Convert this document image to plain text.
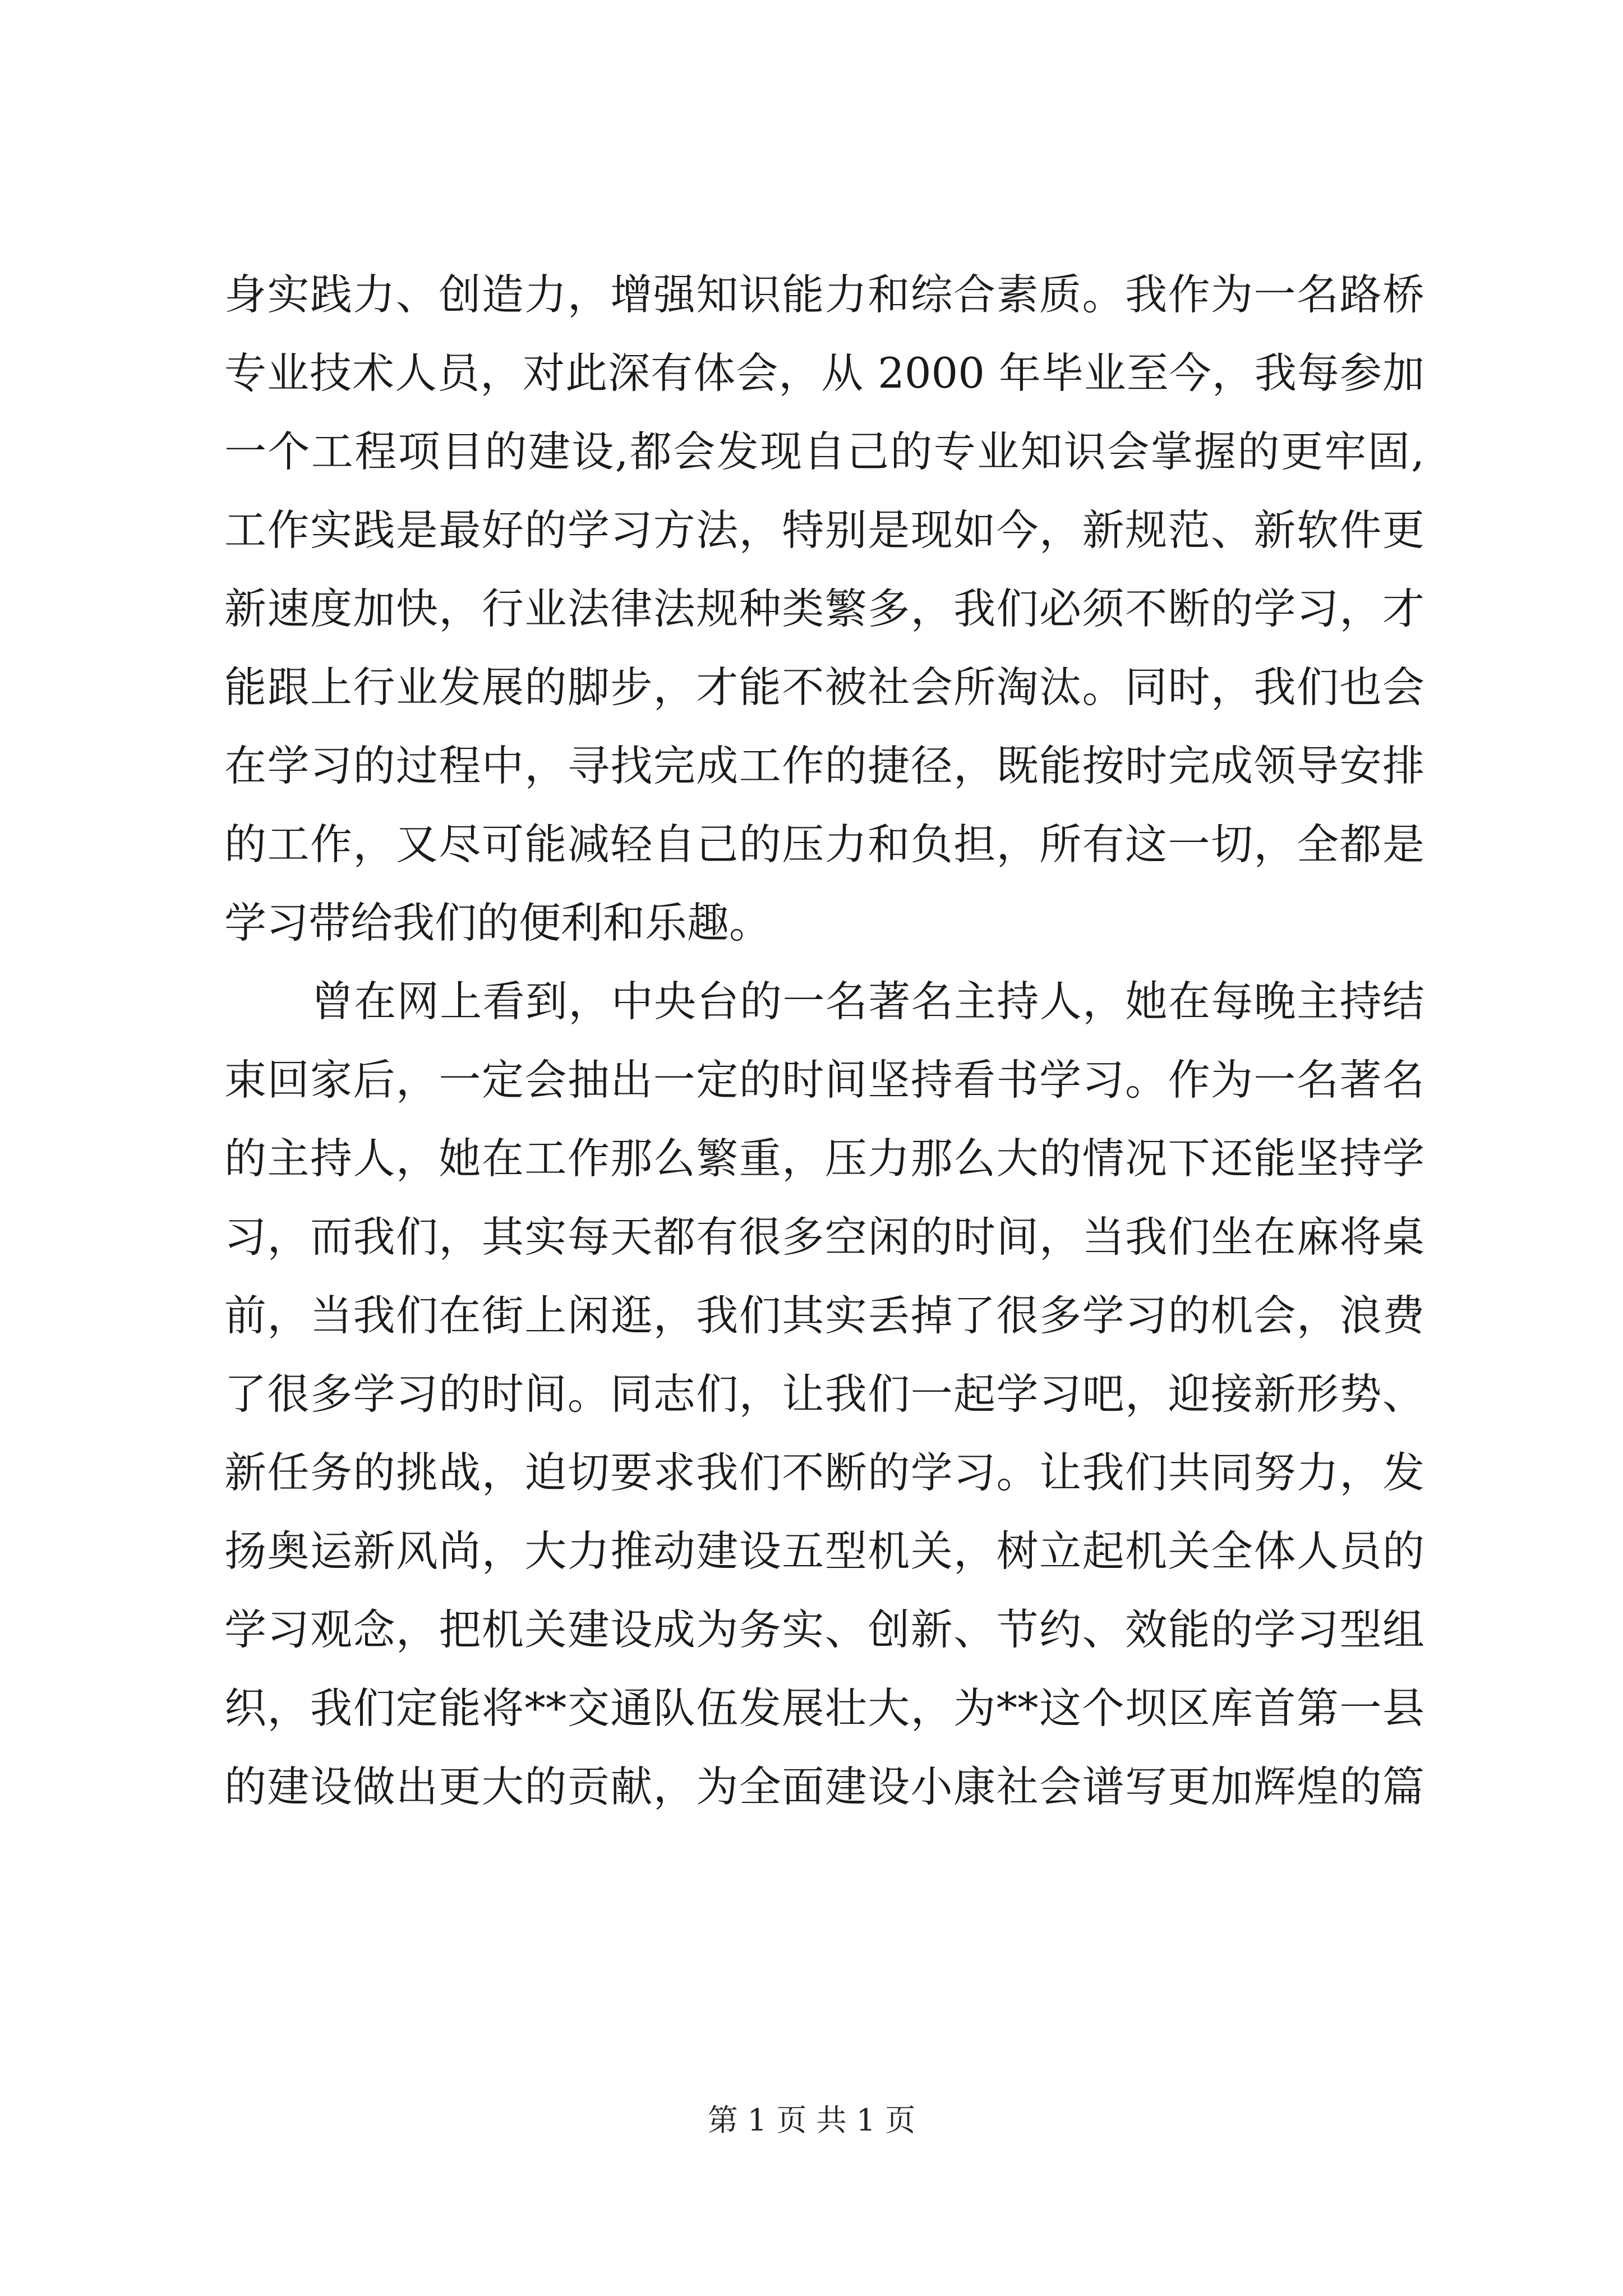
身实践力、创造力，增强知识能力和综合素质。我作为一名路桥
专业技术人员，对此深有体会，从 2000 年毕业至今，我每参加
一个工程项目的建设,都会发现自己的专业知识会掌握的更牢固,
工作实践是最好的学习方法，特别是现如今，新规范、新软件更
新速度加快，行业法律法规种类繁多，我们必须不断的学习，才
能跟上行业发展的脚步，才能不被社会所淘汰。同时，我们也会
在学习的过程中，寻找完成工作的捷径，既能按时完成领导安排
的工作，又尽可能减轻自己的压力和负担，所有这一切，全都是
学习带给我们的便利和乐趣。
曾在网上看到，中央台的一名著名主持人，她在每晚主持结
束回家后，一定会抽出一定的时间坚持看书学习。作为一名著名
的主持人，她在工作那么繁重，压力那么大的情况下还能坚持学
习，而我们，其实每天都有很多空闲的时间，当我们坐在麻将桌
前，当我们在街上闲逛，我们其实丢掉了很多学习的机会，浪费
了很多学习的时间。同志们，让我们一起学习吧，迎接新形势、
新任务的挑战，迫切要求我们不断的学习。让我们共同努力，发
扬奥运新风尚，大力推动建设五型机关，树立起机关全体人员的
学习观念，把机关建设成为务实、创新、节约、效能的学习型组
织，我们定能将**交通队伍发展壮大，为**这个坝区库首第一县
的建设做出更大的贡献，为全面建设小康社会谱写更加辉煌的篇
第 1 页 共 1 页
